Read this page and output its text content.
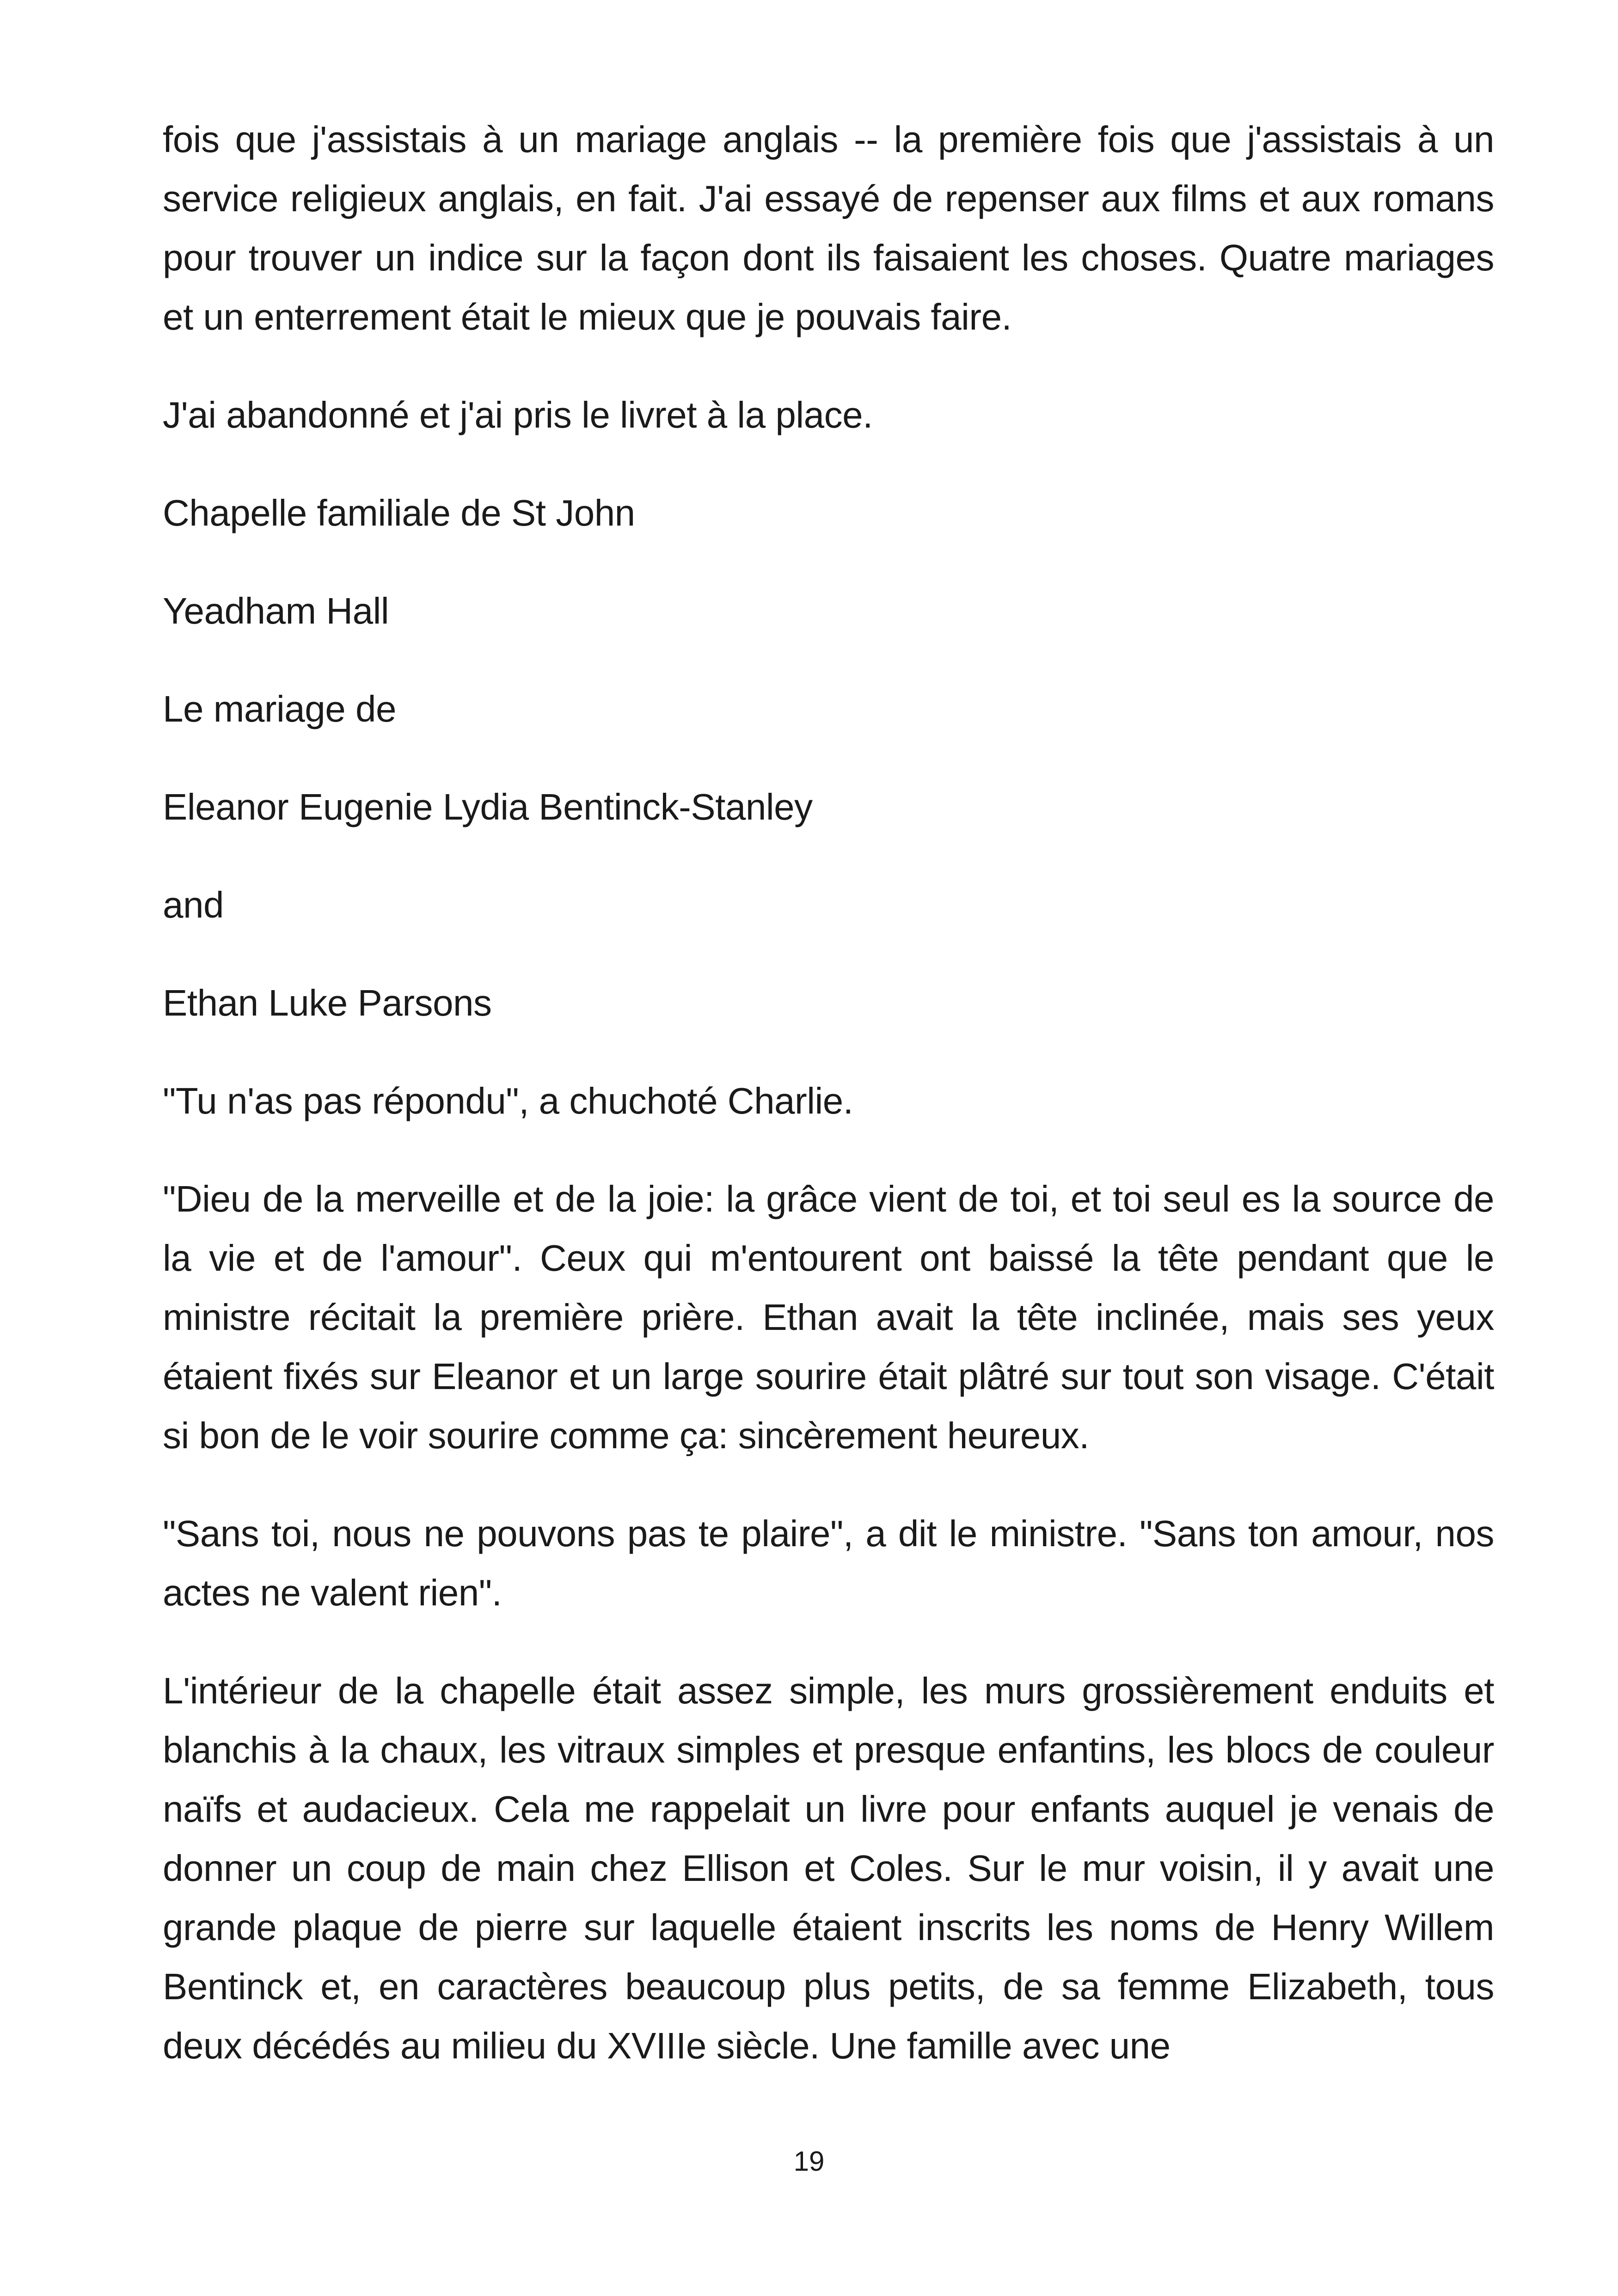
fois que j'assistais à un mariage anglais -- la première fois que j'assistais à un service religieux anglais, en fait. J'ai essayé de repenser aux films et aux romans pour trouver un indice sur la façon dont ils faisaient les choses. Quatre mariages et un enterrement était le mieux que je pouvais faire.

J'ai abandonné et j'ai pris le livret à la place.

Chapelle familiale de St John

Yeadham Hall

Le mariage de

Eleanor Eugenie Lydia Bentinck-Stanley

and

Ethan Luke Parsons

"Tu n'as pas répondu", a chuchoté Charlie.

"Dieu de la merveille et de la joie: la grâce vient de toi, et toi seul es la source de la vie et de l'amour". Ceux qui m'entourent ont baissé la tête pendant que le ministre récitait la première prière. Ethan avait la tête inclinée, mais ses yeux étaient fixés sur Eleanor et un large sourire était plâtré sur tout son visage. C'était si bon de le voir sourire comme ça: sincèrement heureux.

"Sans toi, nous ne pouvons pas te plaire", a dit le ministre. "Sans ton amour, nos actes ne valent rien".

L'intérieur de la chapelle était assez simple, les murs grossièrement enduits et blanchis à la chaux, les vitraux simples et presque enfantins, les blocs de couleur naïfs et audacieux. Cela me rappelait un livre pour enfants auquel je venais de donner un coup de main chez Ellison et Coles. Sur le mur voisin, il y avait une grande plaque de pierre sur laquelle étaient inscrits les noms de Henry Willem Bentinck et, en caractères beaucoup plus petits, de sa femme Elizabeth, tous deux décédés au milieu du XVIIIe siècle. Une famille avec une

19
